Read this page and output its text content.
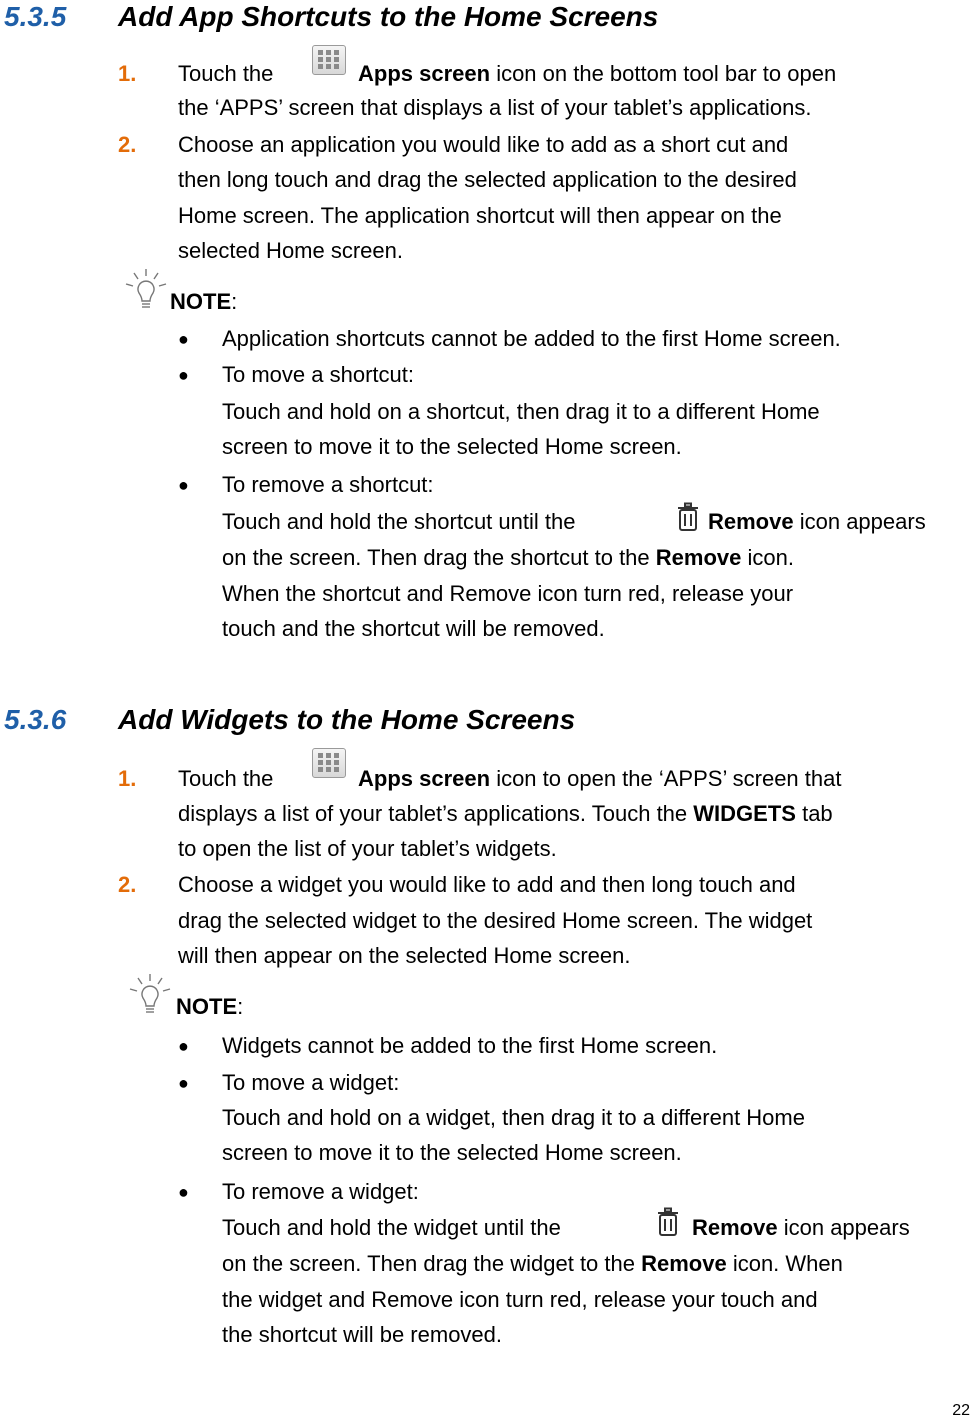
5.3.5 Add App Shortcuts to the Home Screens
1. Touch the	Apps screen icon on the bottom tool bar to open
the ‘APPS’ screen that displays a list of your tablet’s applications.
2. Choose an application you would like to add as a short cut and
then long touch and drag the selected application to the desired
Home screen. The application shortcut will then appear on the
selected Home screen.
NOTE:
● Application shortcuts cannot be added to the first Home screen.
● To move a shortcut:
Touch and hold on a shortcut, then drag it to a different Home
screen to move it to the selected Home screen.
● To remove a shortcut:
Touch and hold the shortcut until the	Remove icon appears
on the screen. Then drag the shortcut to the Remove icon.
When the shortcut and Remove icon turn red, release your
touch and the shortcut will be removed.
5.3.6 Add Widgets to the Home Screens
1. Touch the	Apps screen icon to open the ‘APPS’ screen that
displays a list of your tablet’s applications. Touch the WIDGETS tab
to open the list of your tablet’s widgets.
2. Choose a widget you would like to add and then long touch and
drag the selected widget to the desired Home screen. The widget
will then appear on the selected Home screen.
NOTE:
● Widgets cannot be added to the first Home screen.
● To move a widget:
Touch and hold on a widget, then drag it to a different Home
screen to move it to the selected Home screen.
● To remove a widget:
Touch and hold the widget until the	Remove icon appears
on the screen. Then drag the widget to the Remove icon. When
the widget and Remove icon turn red, release your touch and
the shortcut will be removed.
22
